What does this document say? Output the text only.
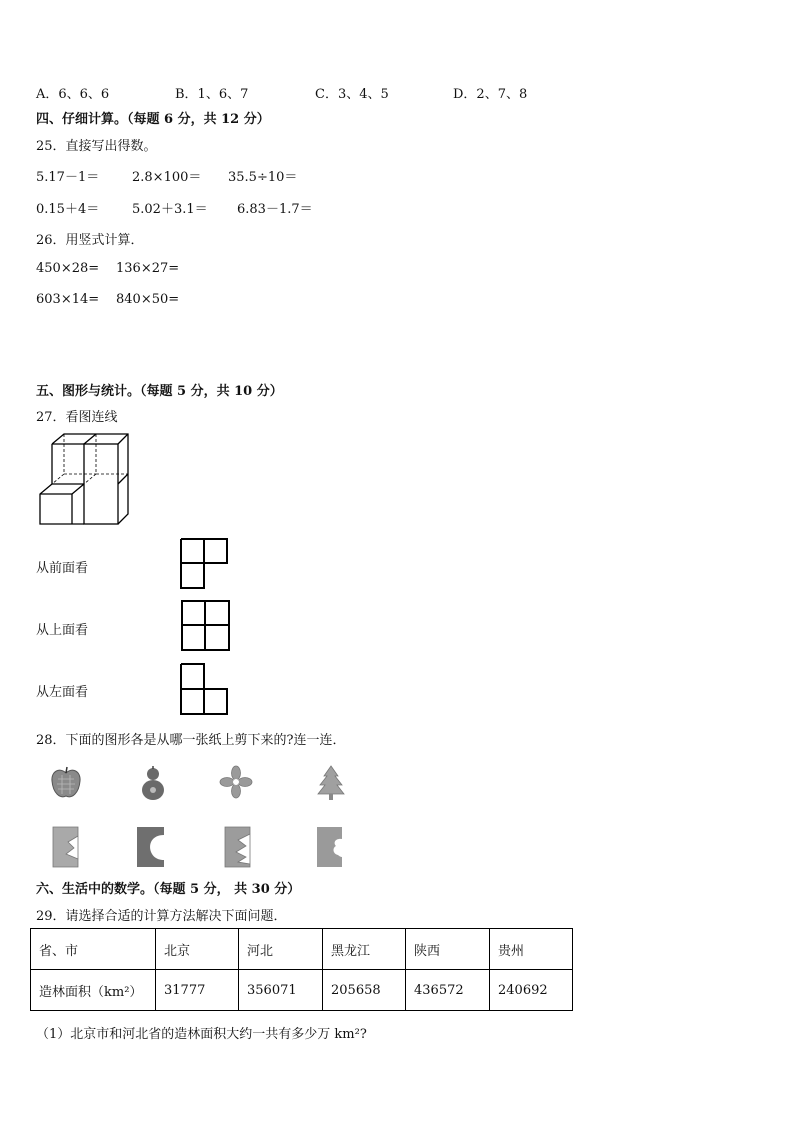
A．6、6、6	B．1、6、7	C．3、4、5	D．2、7、8
四、仔细计算。（每题 6 分，共 12 分）
25．直接写出得数。
5.17－1＝	2.8×100＝ 35.5÷10＝
0.15＋4＝	5.02＋3.1＝ 6.83－1.7＝
26．用竖式计算．
450×28= 136×27=
603×14= 840×50=
五、图形与统计。（每题 5 分，共 10 分）
27．看图连线
从前面看
从上面看
从左面看
28．下面的图形各是从哪一张纸上剪下来的?连一连．
六、生活中的数学。（每题 5 分， 共 30 分）
29．请选择合适的计算方法解决下面问题．
省、市	北京	河北	黑龙江	陕西	贵州
造林面积（km²）	31777	356071	205658	436572	240692
（1）北京市和河北省的造林面积大约一共有多少万 km²?
